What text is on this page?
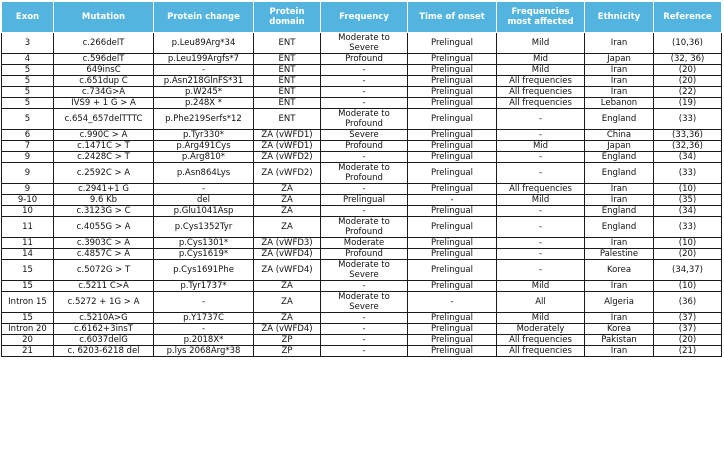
Exon	Mutation	Protein change	Protein domain	Frequency	Time of onset	Frequencies most affected	Ethnicity	Reference
3	c.266delT	p.Leu89Arg*34	ENT	Moderate to Severe	Prelingual	Mild	Iran	(10,36)
4	c.596delT	p.Leu199Argfs*7	ENT	Profound	Prelingual	Mid	Japan	(32, 36)
5	649insC	-	ENT	-	Prelingual	Mild	Iran	(20)
5	c.651dup C	p.Asn218GlnFS*31	ENT	-	Prelingual	All frequencies	Iran	(20)
5	c.734G>A	p.W245*	ENT	-	Prelingual	All frequencies	Iran	(22)
5	IVS9 + 1 G > A	p.248X *	ENT	-	Prelingual	All frequencies	Lebanon	(19)
5	c.654_657delTTTC	p.Phe219Serfs*12	ENT	Moderate to Profound	Prelingual	-	England	(33)
6	c.990C > A	p.Tyr330*	ZA (vWFD1)	Severe	Prelingual	-	China	(33,36)
7	c.1471C > T	p.Arg491Cys	ZA (vWFD1)	Profound	Prelingual	Mid	Japan	(32,36)
9	c.2428C > T	p.Arg810*	ZA (vWFD2)	-	Prelingual	-	England	(34)
9	c.2592C > A	p.Asn864Lys	ZA (vWFD2)	Moderate to Profound	Prelingual	-	England	(33)
9	c.2941+1 G	-	ZA	-	Prelingual	All frequencies	Iran	(10)
9-10	9.6 Kb	del	ZA	Prelingual	-	Mild	Iran	(35)
10	c.3123G > C	p.Glu1041Asp	ZA	-	Prelingual	-	England	(34)
11	c.4055G > A	p.Cys1352Tyr	ZA	Moderate to Profound	Prelingual	-	England	(33)
11	c.3903C > A	p.Cys1301*	ZA (vWFD3)	Moderate	Prelingual	-	Iran	(10)
14	c.4857C > A	p.Cys1619*	ZA (vWFD4)	Profound	Prelingual	-	Palestine	(20)
15	c.5072G > T	p.Cys1691Phe	ZA (vWFD4)	Moderate to Severe	Prelingual	-	Korea	(34,37)
15	c.5211 C>A	p.Tyr1737*	ZA	-	Prelingual	Mild	Iran	(10)
Intron 15	c.5272 + 1G > A	-	ZA	Moderate to Severe	-	All	Algeria	(36)
15	c.5210A>G	p.Y1737C	ZA	-	Prelingual	Mild	Iran	(37)
Intron 20	c.6162+3insT	-	ZA (vWFD4)	-	Prelingual	Moderately	Korea	(37)
20	c.6037delG	p.2018X*	ZP	-	Prelingual	All frequencies	Pakistan	(20)
21	c. 6203-6218 del	p.lys 2068Arg*38	ZP	-	Prelingual	All frequencies	Iran	(21)
